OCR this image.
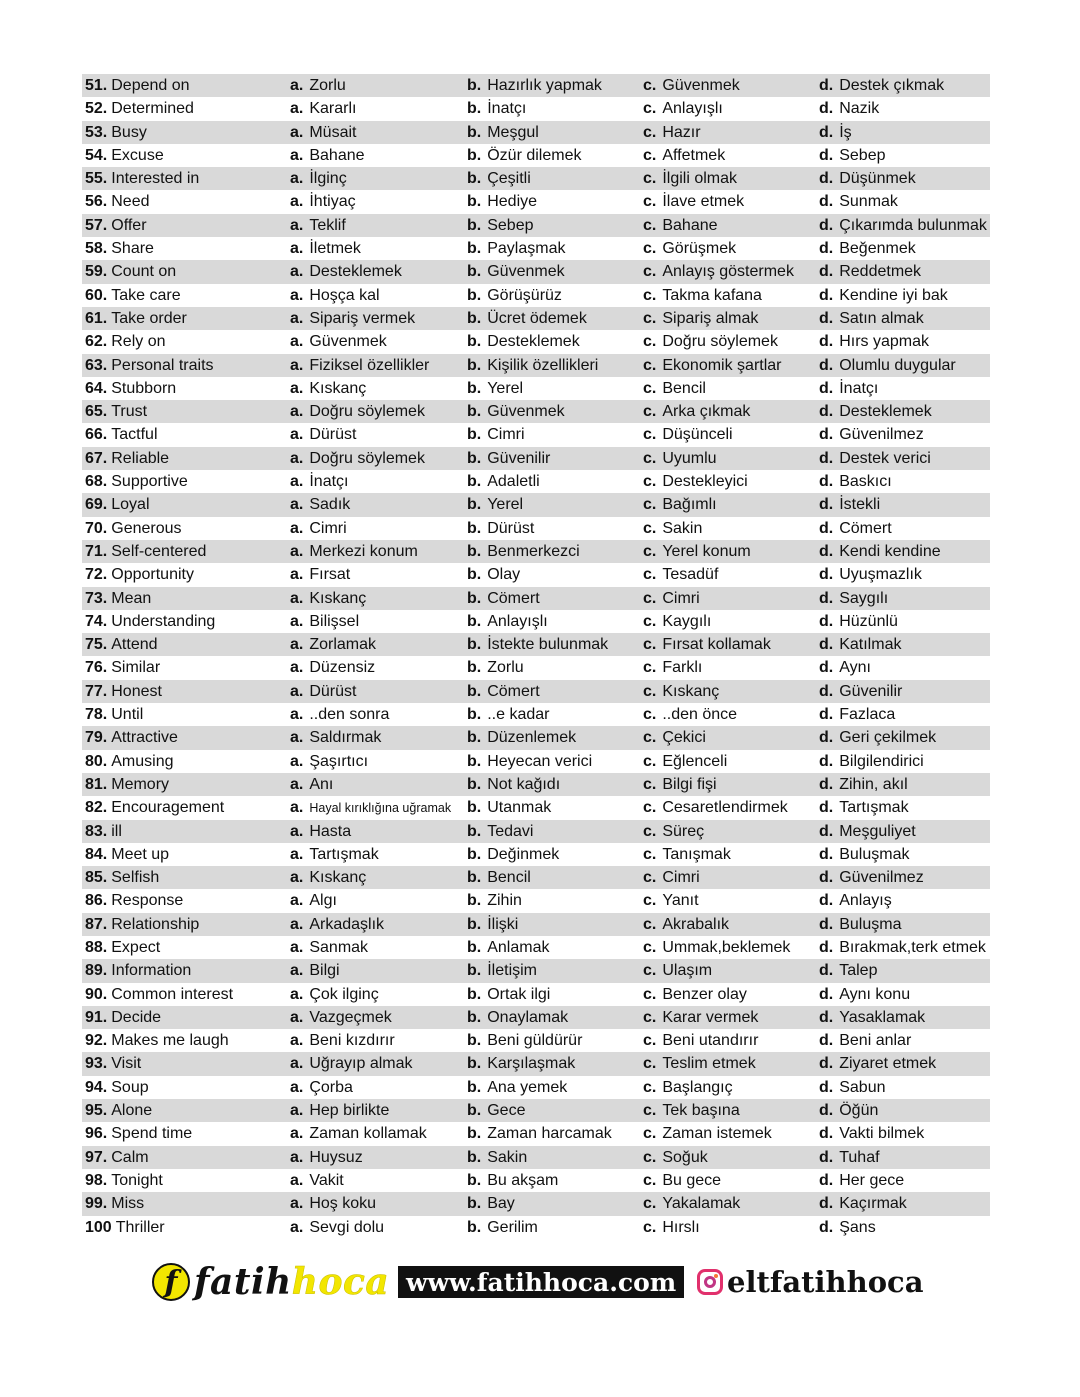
51. Depend on	a. Zorlu	b. Hazırlık yapmak	c. Güvenmek	d. Destek çıkmak
52. Determined	a. Kararlı	b. İnatçı	c. Anlayışlı	d. Nazik
53. Busy	a. Müsait	b. Meşgul	c. Hazır	d. İş
54. Excuse	a. Bahane	b. Özür dilemek	c. Affetmek	d. Sebep
55. Interested in	a. İlginç	b. Çeşitli	c. İlgili olmak	d. Düşünmek
56. Need	a. İhtiyaç	b. Hediye	c. İlave etmek	d. Sunmak
57. Offer	a. Teklif	b. Sebep	c. Bahane	d. Çıkarımda bulunmak
58. Share	a. İletmek	b. Paylaşmak	c. Görüşmek	d. Beğenmek
59. Count on	a. Desteklemek	b. Güvenmek	c. Anlayış göstermek	d. Reddetmek
60. Take care	a. Hoşça kal	b. Görüşürüz	c. Takma kafana	d. Kendine iyi bak
61. Take order	a. Sipariş vermek	b. Ücret ödemek	c. Sipariş almak	d. Satın almak
62. Rely on	a. Güvenmek	b. Desteklemek	c. Doğru söylemek	d. Hırs yapmak
63. Personal traits	a. Fiziksel özellikler	b. Kişilik özellikleri	c. Ekonomik şartlar	d. Olumlu duygular
64. Stubborn	a. Kıskanç	b. Yerel	c. Bencil	d. İnatçı
65. Trust	a. Doğru söylemek	b. Güvenmek	c. Arka çıkmak	d. Desteklemek
66. Tactful	a. Dürüst	b. Cimri	c. Düşünceli	d. Güvenilmez
67. Reliable	a. Doğru söylemek	b. Güvenilir	c. Uyumlu	d. Destek verici
68. Supportive	a. İnatçı	b. Adaletli	c. Destekleyici	d. Baskıcı
69. Loyal	a. Sadık	b. Yerel	c. Bağımlı	d. İstekli
70. Generous	a. Cimri	b. Dürüst	c. Sakin	d. Cömert
71. Self-centered	a. Merkezi konum	b. Benmerkezci	c. Yerel konum	d. Kendi kendine
72. Opportunity	a. Fırsat	b. Olay	c. Tesadüf	d. Uyuşmazlık
73. Mean	a. Kıskanç	b. Cömert	c. Cimri	d. Saygılı
74. Understanding	a. Bilişsel	b. Anlayışlı	c. Kaygılı	d. Hüzünlü
75. Attend	a. Zorlamak	b. İstekte bulunmak	c. Fırsat kollamak	d. Katılmak
76. Similar	a. Düzensiz	b. Zorlu	c. Farklı	d. Aynı
77. Honest	a. Dürüst	b. Cömert	c. Kıskanç	d. Güvenilir
78. Until	a. ..den sonra	b. ..e kadar	c. ..den önce	d. Fazlaca
79. Attractive	a. Saldırmak	b. Düzenlemek	c. Çekici	d. Geri çekilmek
80. Amusing	a. Şaşırtıcı	b. Heyecan verici	c. Eğlenceli	d. Bilgilendirici
81. Memory	a. Anı	b. Not kağıdı	c. Bilgi fişi	d. Zihin, akıl
82. Encouragement	a. Hayal kırıklığına uğramak b. Utanmak	c. Cesaretlendirmek	d. Tartışmak
83. ill	a. Hasta	b. Tedavi	c. Süreç	d. Meşguliyet
84. Meet up	a. Tartışmak	b. Değinmek	c. Tanışmak	d. Buluşmak
85. Selfish	a. Kıskanç	b. Bencil	c. Cimri	d. Güvenilmez
86. Response	a. Algı	b. Zihin	c. Yanıt	d. Anlayış
87. Relationship	a. Arkadaşlık	b. İlişki	c. Akrabalık	d. Buluşma
88. Expect	a. Sanmak	b. Anlamak	c. Ummak,beklemek	d. Bırakmak,terk etmek
89. Information	a. Bilgi	b. İletişim	c. Ulaşım	d. Talep
90. Common interest	a. Çok ilginç	b. Ortak ilgi	c. Benzer olay	d. Aynı konu
91. Decide	a. Vazgeçmek	b. Onaylamak	c. Karar vermek	d. Yasaklamak
92. Makes me laugh	a. Beni kızdırır	b. Beni güldürür	c. Beni utandırır	d. Beni anlar
93. Visit	a. Uğrayıp almak	b. Karşılaşmak	c. Teslim etmek	d. Ziyaret etmek
94. Soup	a. Çorba	b. Ana yemek	c. Başlangıç	d. Sabun
95. Alone	a. Hep birlikte	b. Gece	c. Tek başına	d. Öğün
96. Spend time	a. Zaman kollamak	b. Zaman harcamak	c. Zaman istemek	d. Vakti bilmek
97. Calm	a. Huysuz	b. Sakin	c. Soğuk	d. Tuhaf
98. Tonight	a. Vakit	b. Bu akşam	c. Bu gece	d. Her gece
99. Miss	a. Hoş koku	b. Bay	c. Yakalamak	d. Kaçırmak
100 Thriller	a. Sevgi dolu	b. Gerilim	c. Hırslı	d. Şans
f fatihhoca www.fatihhoca.com eltfatihhoca
